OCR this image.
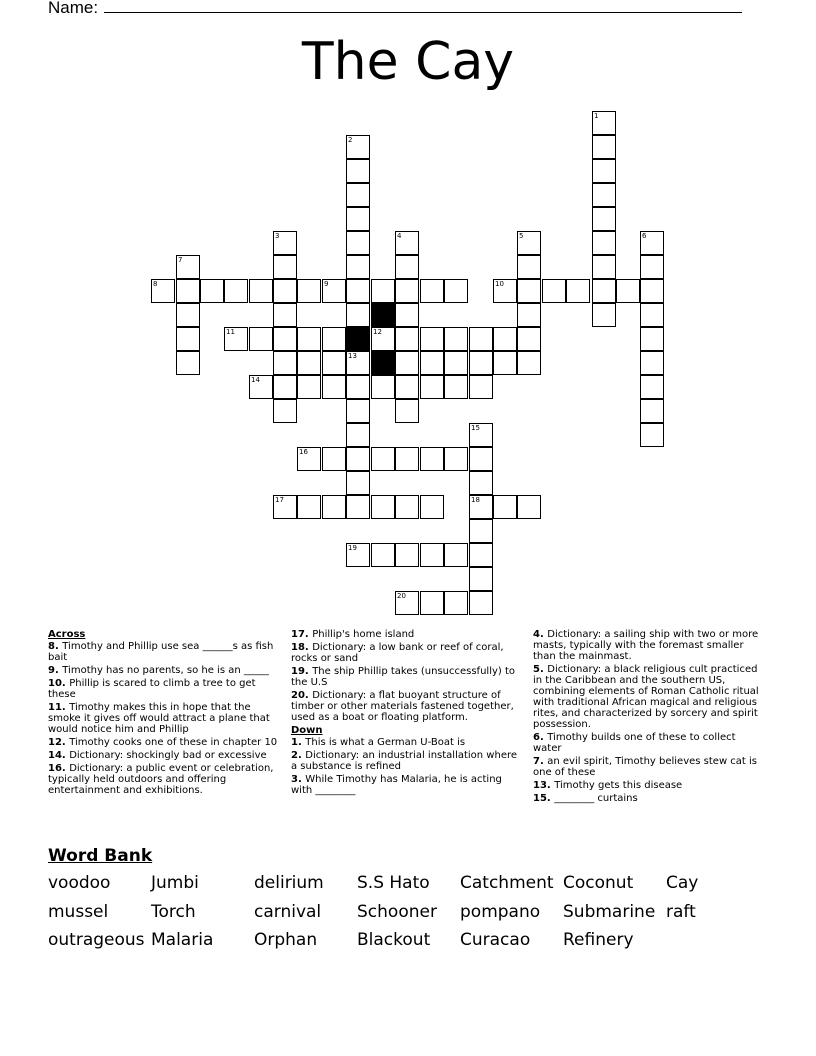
Name:
The Cay
1
2
13
3	4	5	6
7
15
18
8	9	10
11	12
14
16
17
19
20
Across
8. Timothy and Phillip use sea ______s as fish bait
9. Timothy has no parents, so he is an _____
10. Phillip is scared to climb a tree to get these
11. Timothy makes this in hope that the smoke it gives off would attract a plane that would notice him and Phillip
12. Timothy cooks one of these in chapter 10
14. Dictionary: shockingly bad or excessive
16. Dictionary: a public event or celebration, typically held outdoors and offering entertainment and exhibitions.
17. Phillip's home island
18. Dictionary: a low bank or reef of coral, rocks or sand
19. The ship Phillip takes (unsuccessfully) to the U.S
20. Dictionary: a flat buoyant structure of timber or other materials fastened together, used as a boat or floating platform.
Down
1. This is what a German U-Boat is
2. Dictionary: an industrial installation where a substance is refined
3. While Timothy has Malaria, he is acting with ________
4. Dictionary: a sailing ship with two or more masts, typically with the foremast smaller than the mainmast.
5. Dictionary: a black religious cult practiced in the Caribbean and the southern US, combining elements of Roman Catholic ritual with traditional African magical and religious rites, and characterized by sorcery and spirit possession.
6. Timothy builds one of these to collect water
7. an evil spirit, Timothy believes stew cat is one of these
13. Timothy gets this disease
15. ________ curtains
Word Bank
voodoo Jumbi	delirium S.S Hato Catchment Coconut Cay
mussel	Torch	carnival Schooner pompano Submarine raft
outrageous Malaria Orphan Blackout Curacao Refinery
